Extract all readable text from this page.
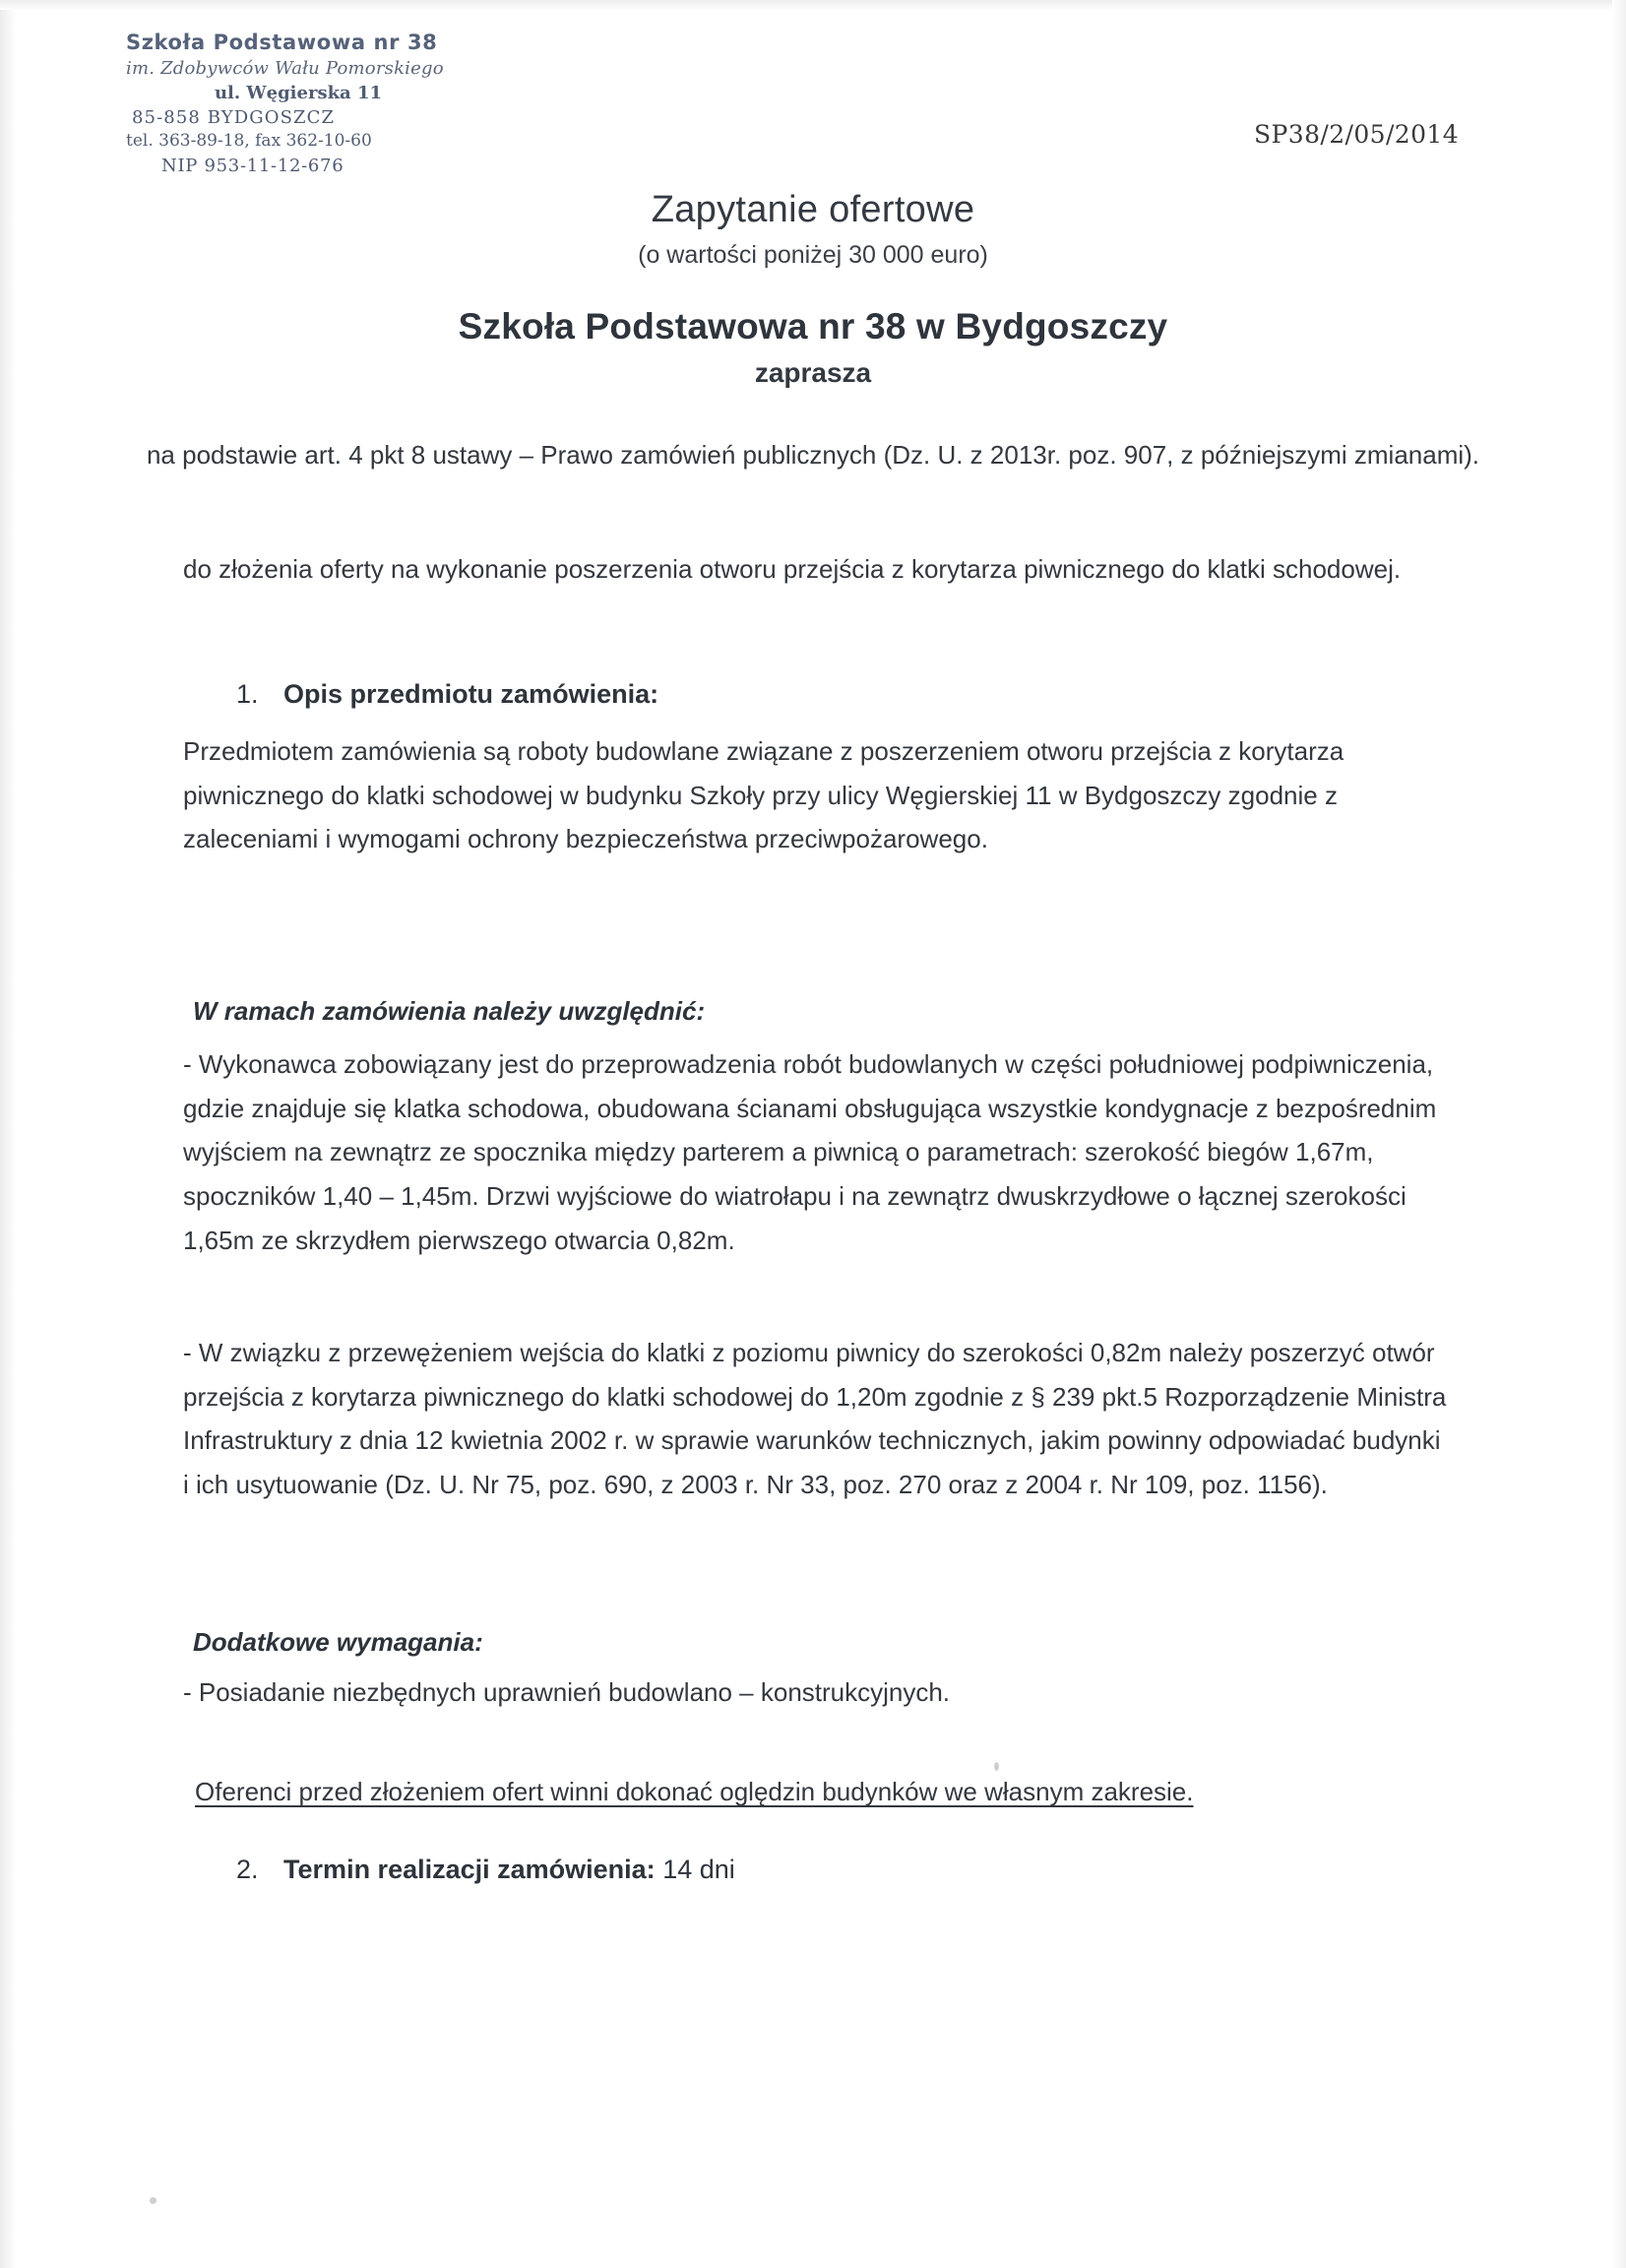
Szkoła Podstawowa nr 38
im. Zdobywców Wału Pomorskiego
ul. Węgierska 11
85-858 BYDGOSZCZ
tel. 363-89-18, fax 362-10-60
NIP 953-11-12-676
SP38/2/05/2014
Zapytanie ofertowe
(o wartości poniżej 30 000 euro)
Szkoła Podstawowa nr 38 w Bydgoszczy
zaprasza
na podstawie art. 4 pkt 8 ustawy – Prawo zamówień publicznych (Dz. U. z 2013r. poz. 907, z późniejszymi zmianami).
do złożenia oferty na wykonanie poszerzenia otworu przejścia z korytarza piwnicznego do klatki schodowej.
1. Opis przedmiotu zamówienia:
Przedmiotem zamówienia są roboty budowlane związane z poszerzeniem otworu przejścia z korytarza piwnicznego do klatki schodowej w budynku Szkoły przy ulicy Węgierskiej 11 w Bydgoszczy zgodnie z zaleceniami i wymogami ochrony bezpieczeństwa przeciwpożarowego.
W ramach zamówienia należy uwzględnić:
- Wykonawca zobowiązany jest do przeprowadzenia robót budowlanych w części południowej podpiwniczenia, gdzie znajduje się klatka schodowa, obudowana ścianami obsługująca wszystkie kondygnacje z bezpośrednim wyjściem na zewnątrz ze spocznika między parterem a piwnicą o parametrach: szerokość biegów 1,67m, spoczników 1,40 – 1,45m. Drzwi wyjściowe do wiatrołapu i na zewnątrz dwuskrzydłowe o łącznej szerokości 1,65m ze skrzydłem pierwszego otwarcia 0,82m.
- W związku z przewężeniem wejścia do klatki z poziomu piwnicy do szerokości 0,82m należy poszerzyć otwór przejścia z korytarza piwnicznego do klatki schodowej do 1,20m zgodnie z § 239 pkt.5 Rozporządzenie Ministra Infrastruktury z dnia 12 kwietnia 2002 r. w sprawie warunków technicznych, jakim powinny odpowiadać budynki i ich usytuowanie (Dz. U. Nr 75, poz. 690, z 2003 r. Nr 33, poz. 270 oraz z 2004 r. Nr 109, poz. 1156).
Dodatkowe wymagania:
- Posiadanie niezbędnych uprawnień budowlano – konstrukcyjnych.
Oferenci przed złożeniem ofert winni dokonać oględzin budynków we własnym zakresie.
2. Termin realizacji zamówienia: 14 dni
